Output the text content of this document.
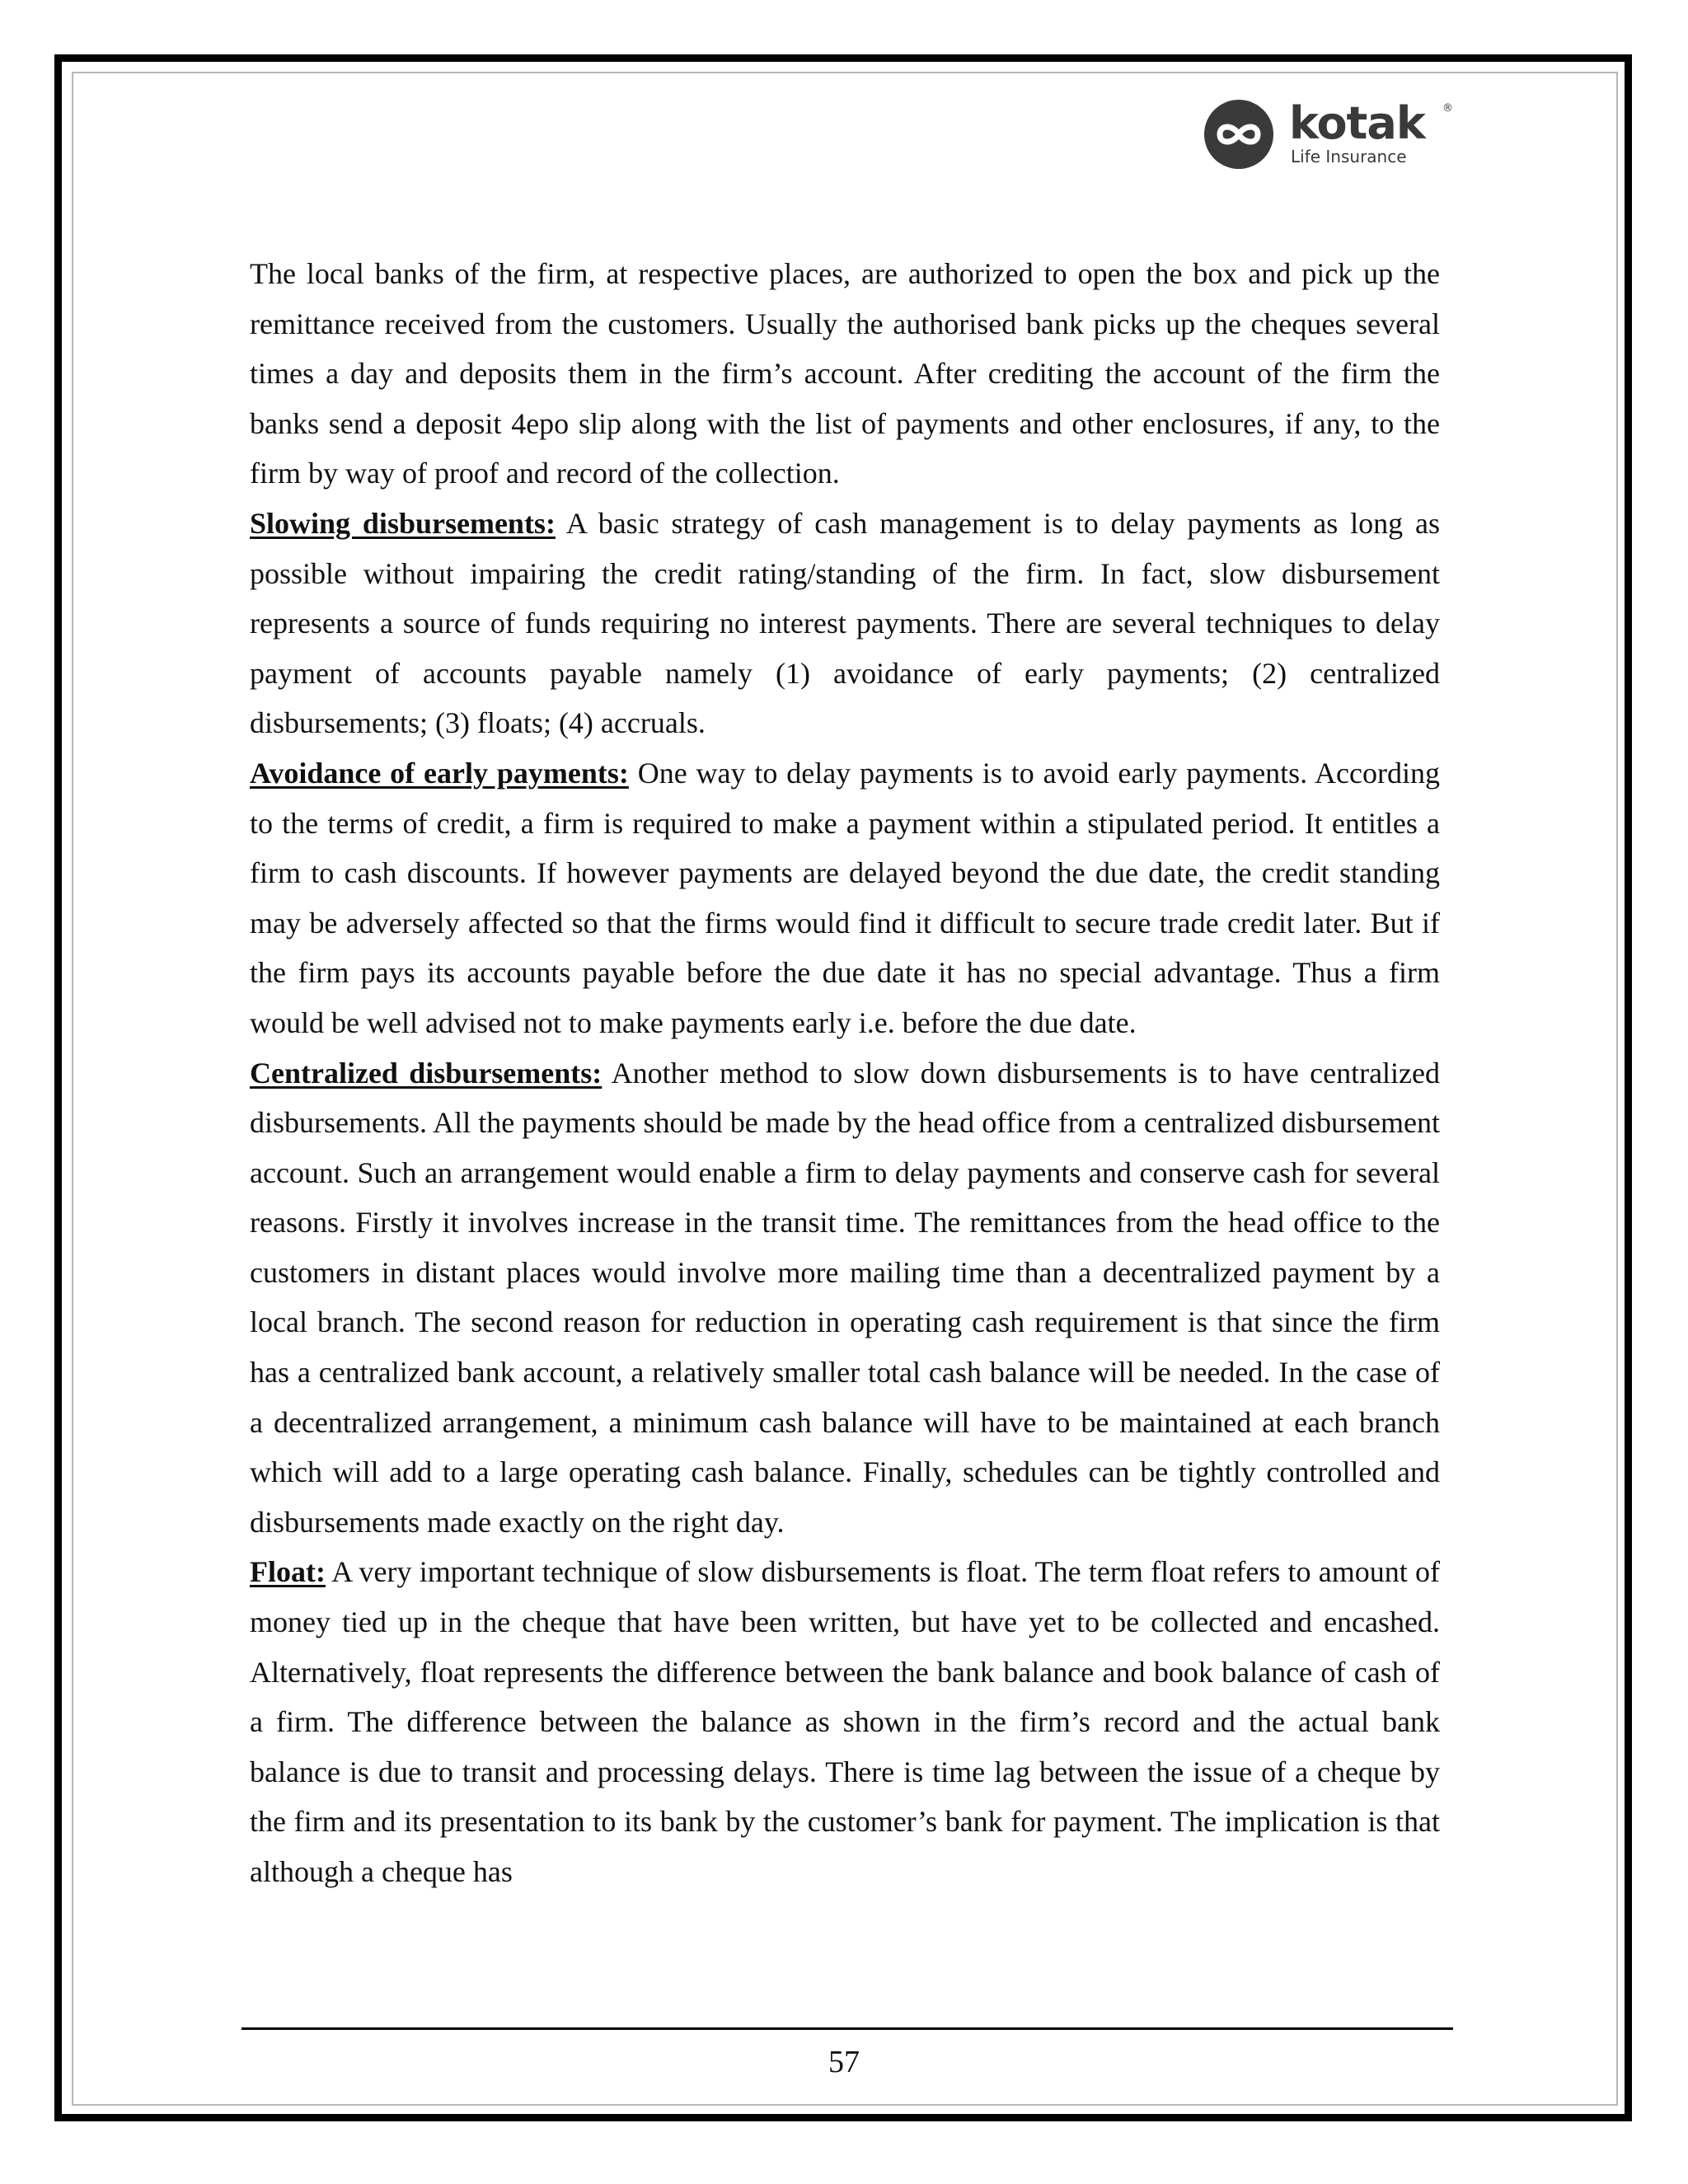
kotak ®
Life Insurance

The local banks of the firm, at respective places, are authorized to open the box and pick up the remittance received from the customers. Usually the authorised bank picks up the cheques several times a day and deposits them in the firm’s account. After crediting the account of the firm the banks send a deposit 4epo slip along with the list of payments and other enclosures, if any, to the firm by way of proof and record of the collection.

Slowing disbursements: A basic strategy of cash management is to delay payments as long as possible without impairing the credit rating/standing of the firm. In fact, slow disbursement represents a source of funds requiring no interest payments. There are several techniques to delay payment of accounts payable namely (1) avoidance of early payments; (2) centralized disbursements; (3) floats; (4) accruals.

Avoidance of early payments: One way to delay payments is to avoid early payments. According to the terms of credit, a firm is required to make a payment within a stipulated period. It entitles a firm to cash discounts. If however payments are delayed beyond the due date, the credit standing may be adversely affected so that the firms would find it difficult to secure trade credit later. But if the firm pays its accounts payable before the due date it has no special advantage. Thus a firm would be well advised not to make payments early i.e. before the due date.

Centralized disbursements: Another method to slow down disbursements is to have centralized disbursements. All the payments should be made by the head office from a centralized disbursement account. Such an arrangement would enable a firm to delay payments and conserve cash for several reasons. Firstly it involves increase in the transit time. The remittances from the head office to the customers in distant places would involve more mailing time than a decentralized payment by a local branch. The second reason for reduction in operating cash requirement is that since the firm has a centralized bank account, a relatively smaller total cash balance will be needed. In the case of a decentralized arrangement, a minimum cash balance will have to be maintained at each branch which will add to a large operating cash balance. Finally, schedules can be tightly controlled and disbursements made exactly on the right day.

Float: A very important technique of slow disbursements is float. The term float refers to amount of money tied up in the cheque that have been written, but have yet to be collected and encashed. Alternatively, float represents the difference between the bank balance and book balance of cash of a firm. The difference between the balance as shown in the firm’s record and the actual bank balance is due to transit and processing delays. There is time lag between the issue of a cheque by the firm and its presentation to its bank by the customer’s bank for payment. The implication is that although a cheque has

57
